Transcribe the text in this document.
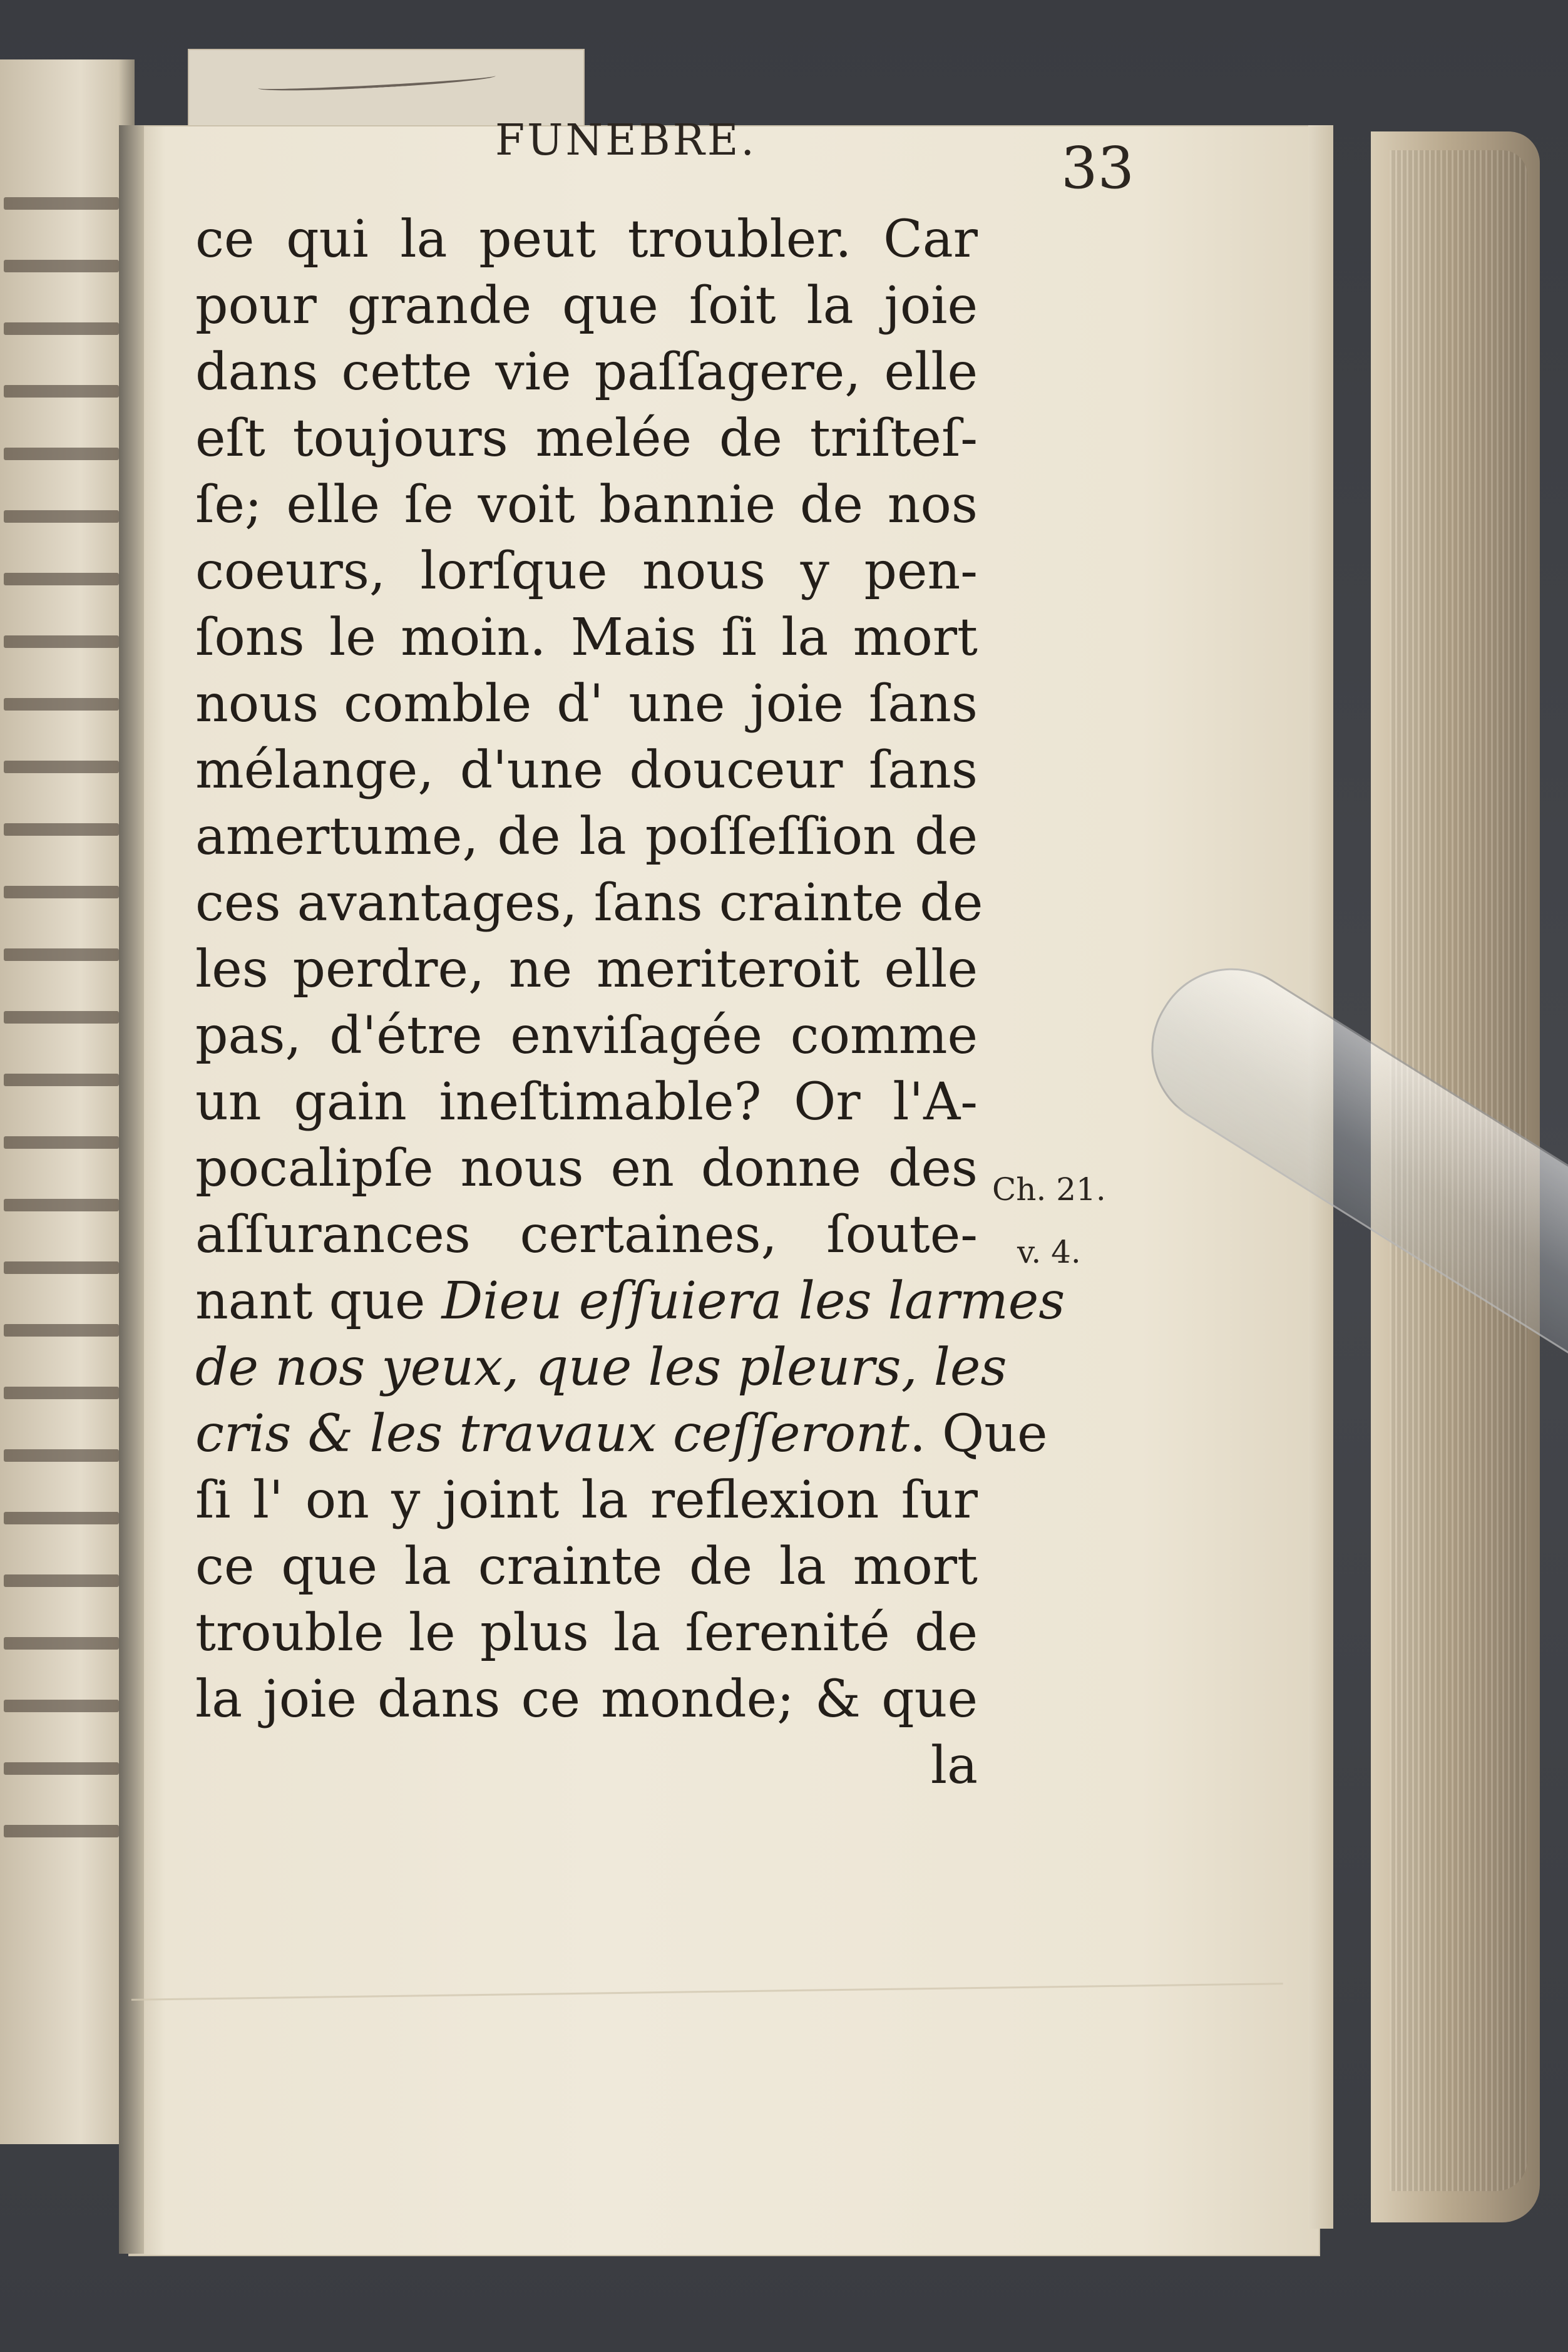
FUNEBRE.	33
ce qui la peut troubler. Car
pour grande que ſoit la joie
dans cette vie paſſagere, elle
eſt toujours melée de triſteſ-
ſe; elle ſe voit bannie de nos
coeurs, lorſque nous y pen-
ſons le moin. Mais ſi la mort
nous comble d' une joie ſans
mélange, d'une douceur ſans
amertume, de la poſſeſſion de
ces avantages, ſans crainte de
les perdre, ne meriteroit elle
pas, d'étre enviſagée comme
un gain ineſtimable? Or l'A-
pocalipſe nous en donne des
aſſurances certaines, ſoute-
nant que Dieu eſſuiera les larmes
de nos yeux, que les pleurs, les
cris & les travaux ceſſeront. Que
ſi l' on y joint la reflexion ſur
ce que la crainte de la mort
trouble le plus la ſerenité de
la joie dans ce monde; & que
la
Ch. 21.
v. 4.
